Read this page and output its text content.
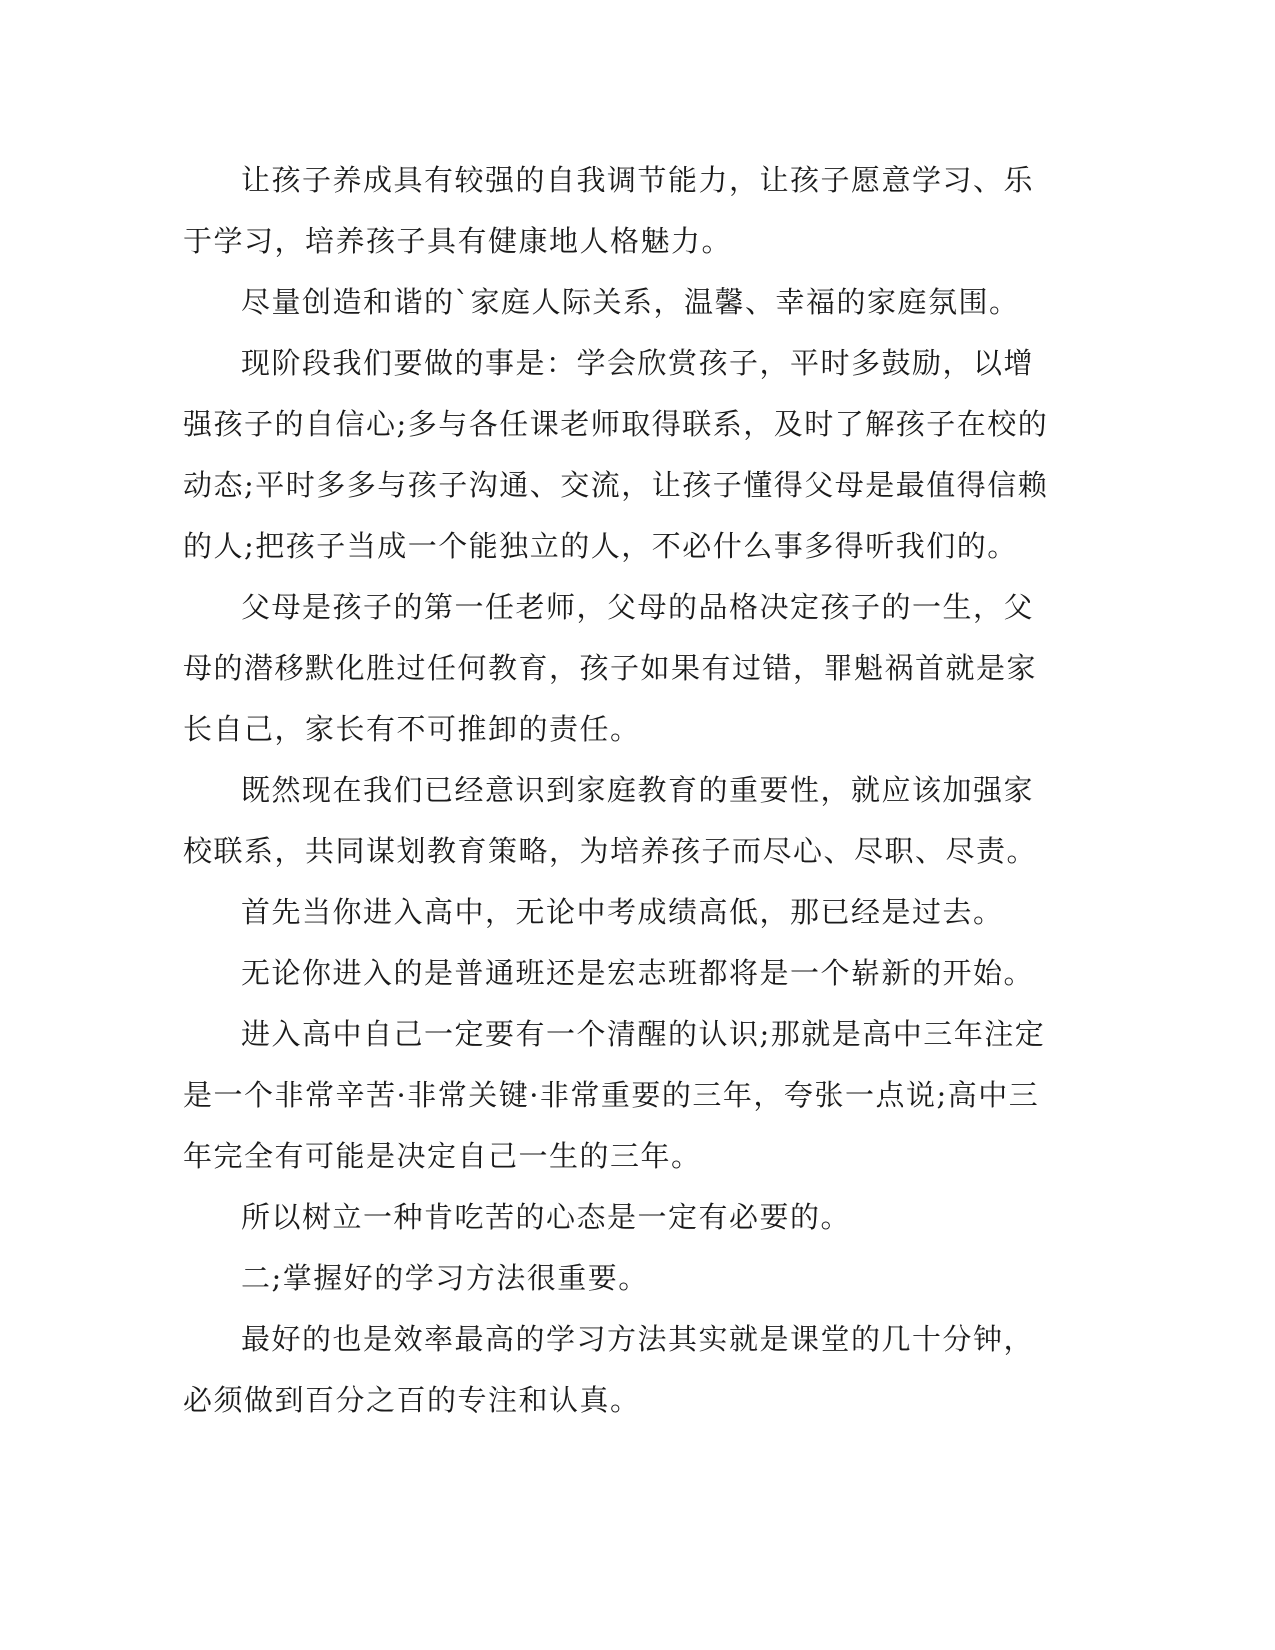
让孩子养成具有较强的自我调节能力，让孩子愿意学习、乐于学习，培养孩子具有健康地人格魅力。

尽量创造和谐的`家庭人际关系，温馨、幸福的家庭氛围。

现阶段我们要做的事是：学会欣赏孩子，平时多鼓励，以增强孩子的自信心;多与各任课老师取得联系，及时了解孩子在校的动态;平时多多与孩子沟通、交流，让孩子懂得父母是最值得信赖的人;把孩子当成一个能独立的人，不必什么事多得听我们的。

父母是孩子的第一任老师，父母的品格决定孩子的一生，父母的潜移默化胜过任何教育，孩子如果有过错，罪魁祸首就是家长自己，家长有不可推卸的责任。

既然现在我们已经意识到家庭教育的重要性，就应该加强家校联系，共同谋划教育策略，为培养孩子而尽心、尽职、尽责。

首先当你进入高中，无论中考成绩高低，那已经是过去。

无论你进入的是普通班还是宏志班都将是一个崭新的开始。

进入高中自己一定要有一个清醒的认识;那就是高中三年注定是一个非常辛苦·非常关键·非常重要的三年，夸张一点说;高中三年完全有可能是决定自己一生的三年。

所以树立一种肯吃苦的心态是一定有必要的。

二;掌握好的学习方法很重要。

最好的也是效率最高的学习方法其实就是课堂的几十分钟，必须做到百分之百的专注和认真。
